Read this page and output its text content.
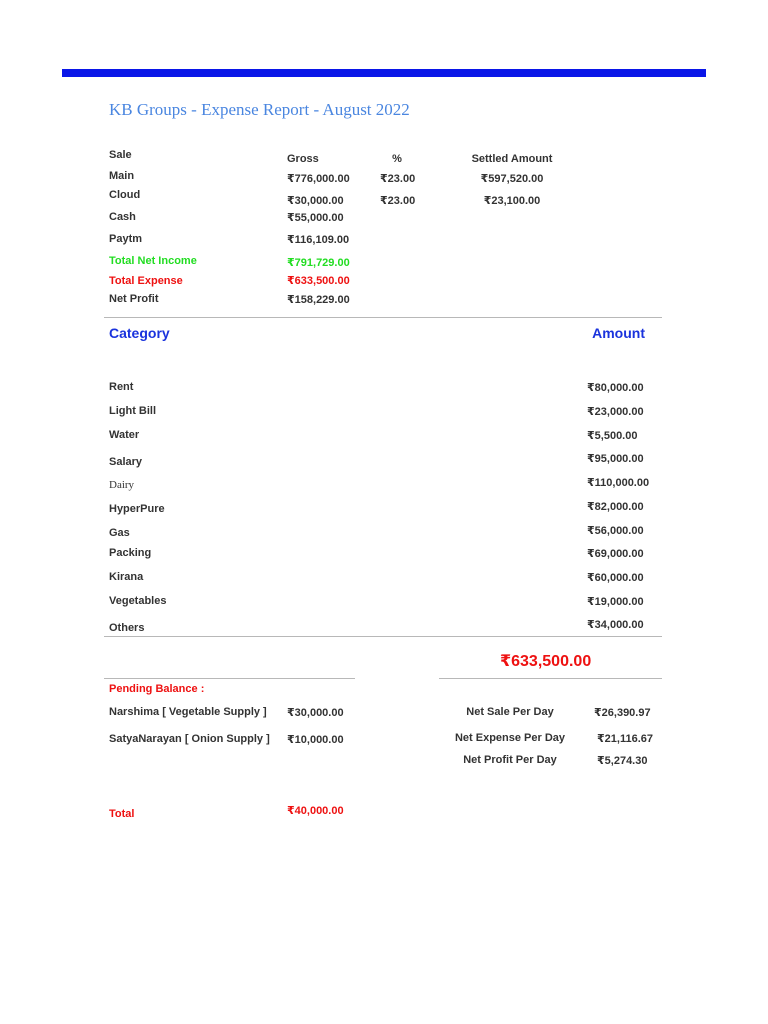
KB Groups - Expense Report - August 2022
Sale	Gross	%	Settled Amount
Main	₹776,000.00	₹23.00	₹597,520.00
Cloud	₹30,000.00	₹23.00	₹23,100.00
Cash	₹55,000.00
Paytm	₹116,109.00
Total Net Income	₹791,729.00
Total Expense	₹633,500.00
Net Profit	₹158,229.00
Category	Amount
Rent	₹80,000.00
Light Bill	₹23,000.00
Water	₹5,500.00
Salary	₹95,000.00
Dairy	₹110,000.00
HyperPure	₹82,000.00
Gas	₹56,000.00
Packing	₹69,000.00
Kirana	₹60,000.00
Vegetables	₹19,000.00
Others	₹34,000.00
₹633,500.00
Pending Balance :
Narshima [ Vegetable Supply ] ₹30,000.00
SatyaNarayan [ Onion Supply ] ₹10,000.00
Total	₹40,000.00
Net Sale Per Day	₹26,390.97
Net Expense Per Day	₹21,116.67
Net Profit Per Day	₹5,274.30
